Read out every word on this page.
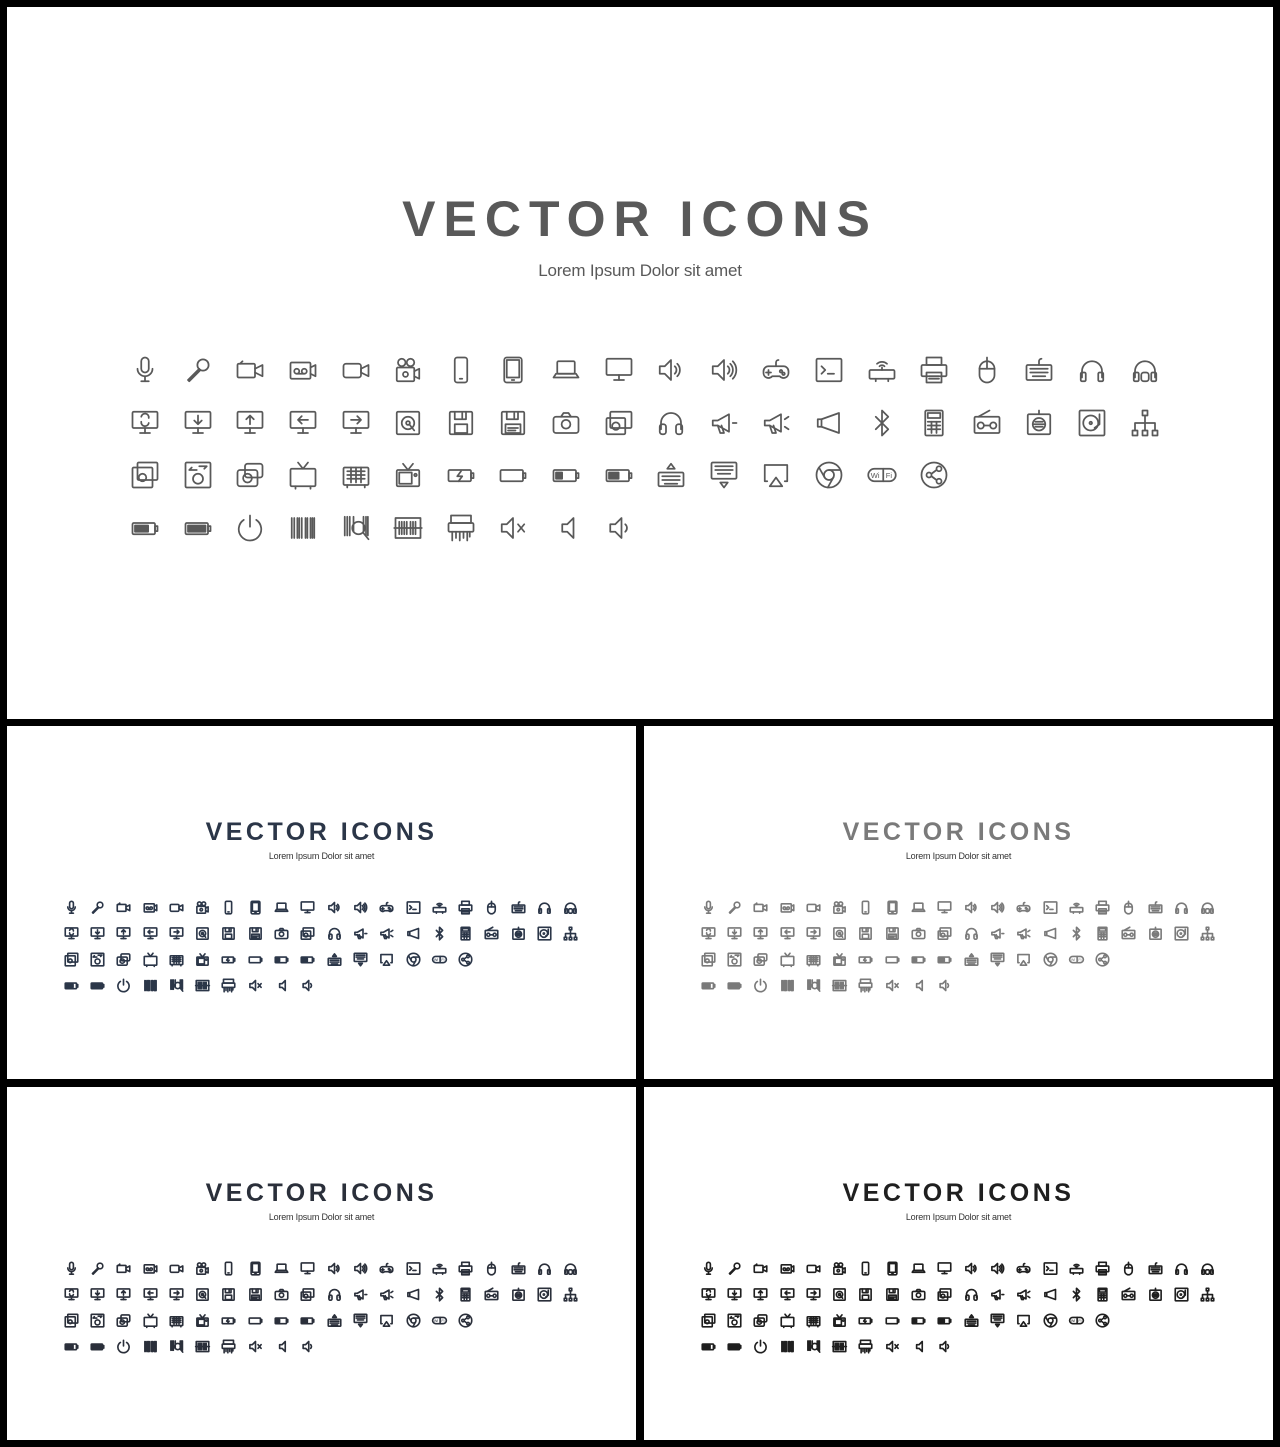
VECTOR ICONS
Lorem Ipsum Dolor sit amet
Wi Fi
VECTOR ICONS
Lorem Ipsum Dolor sit amet
Wi Fi
VECTOR ICONS
Lorem Ipsum Dolor sit amet
Wi Fi
VECTOR ICONS
Lorem Ipsum Dolor sit amet
Wi Fi
VECTOR ICONS
Lorem Ipsum Dolor sit amet
Wi Fi
